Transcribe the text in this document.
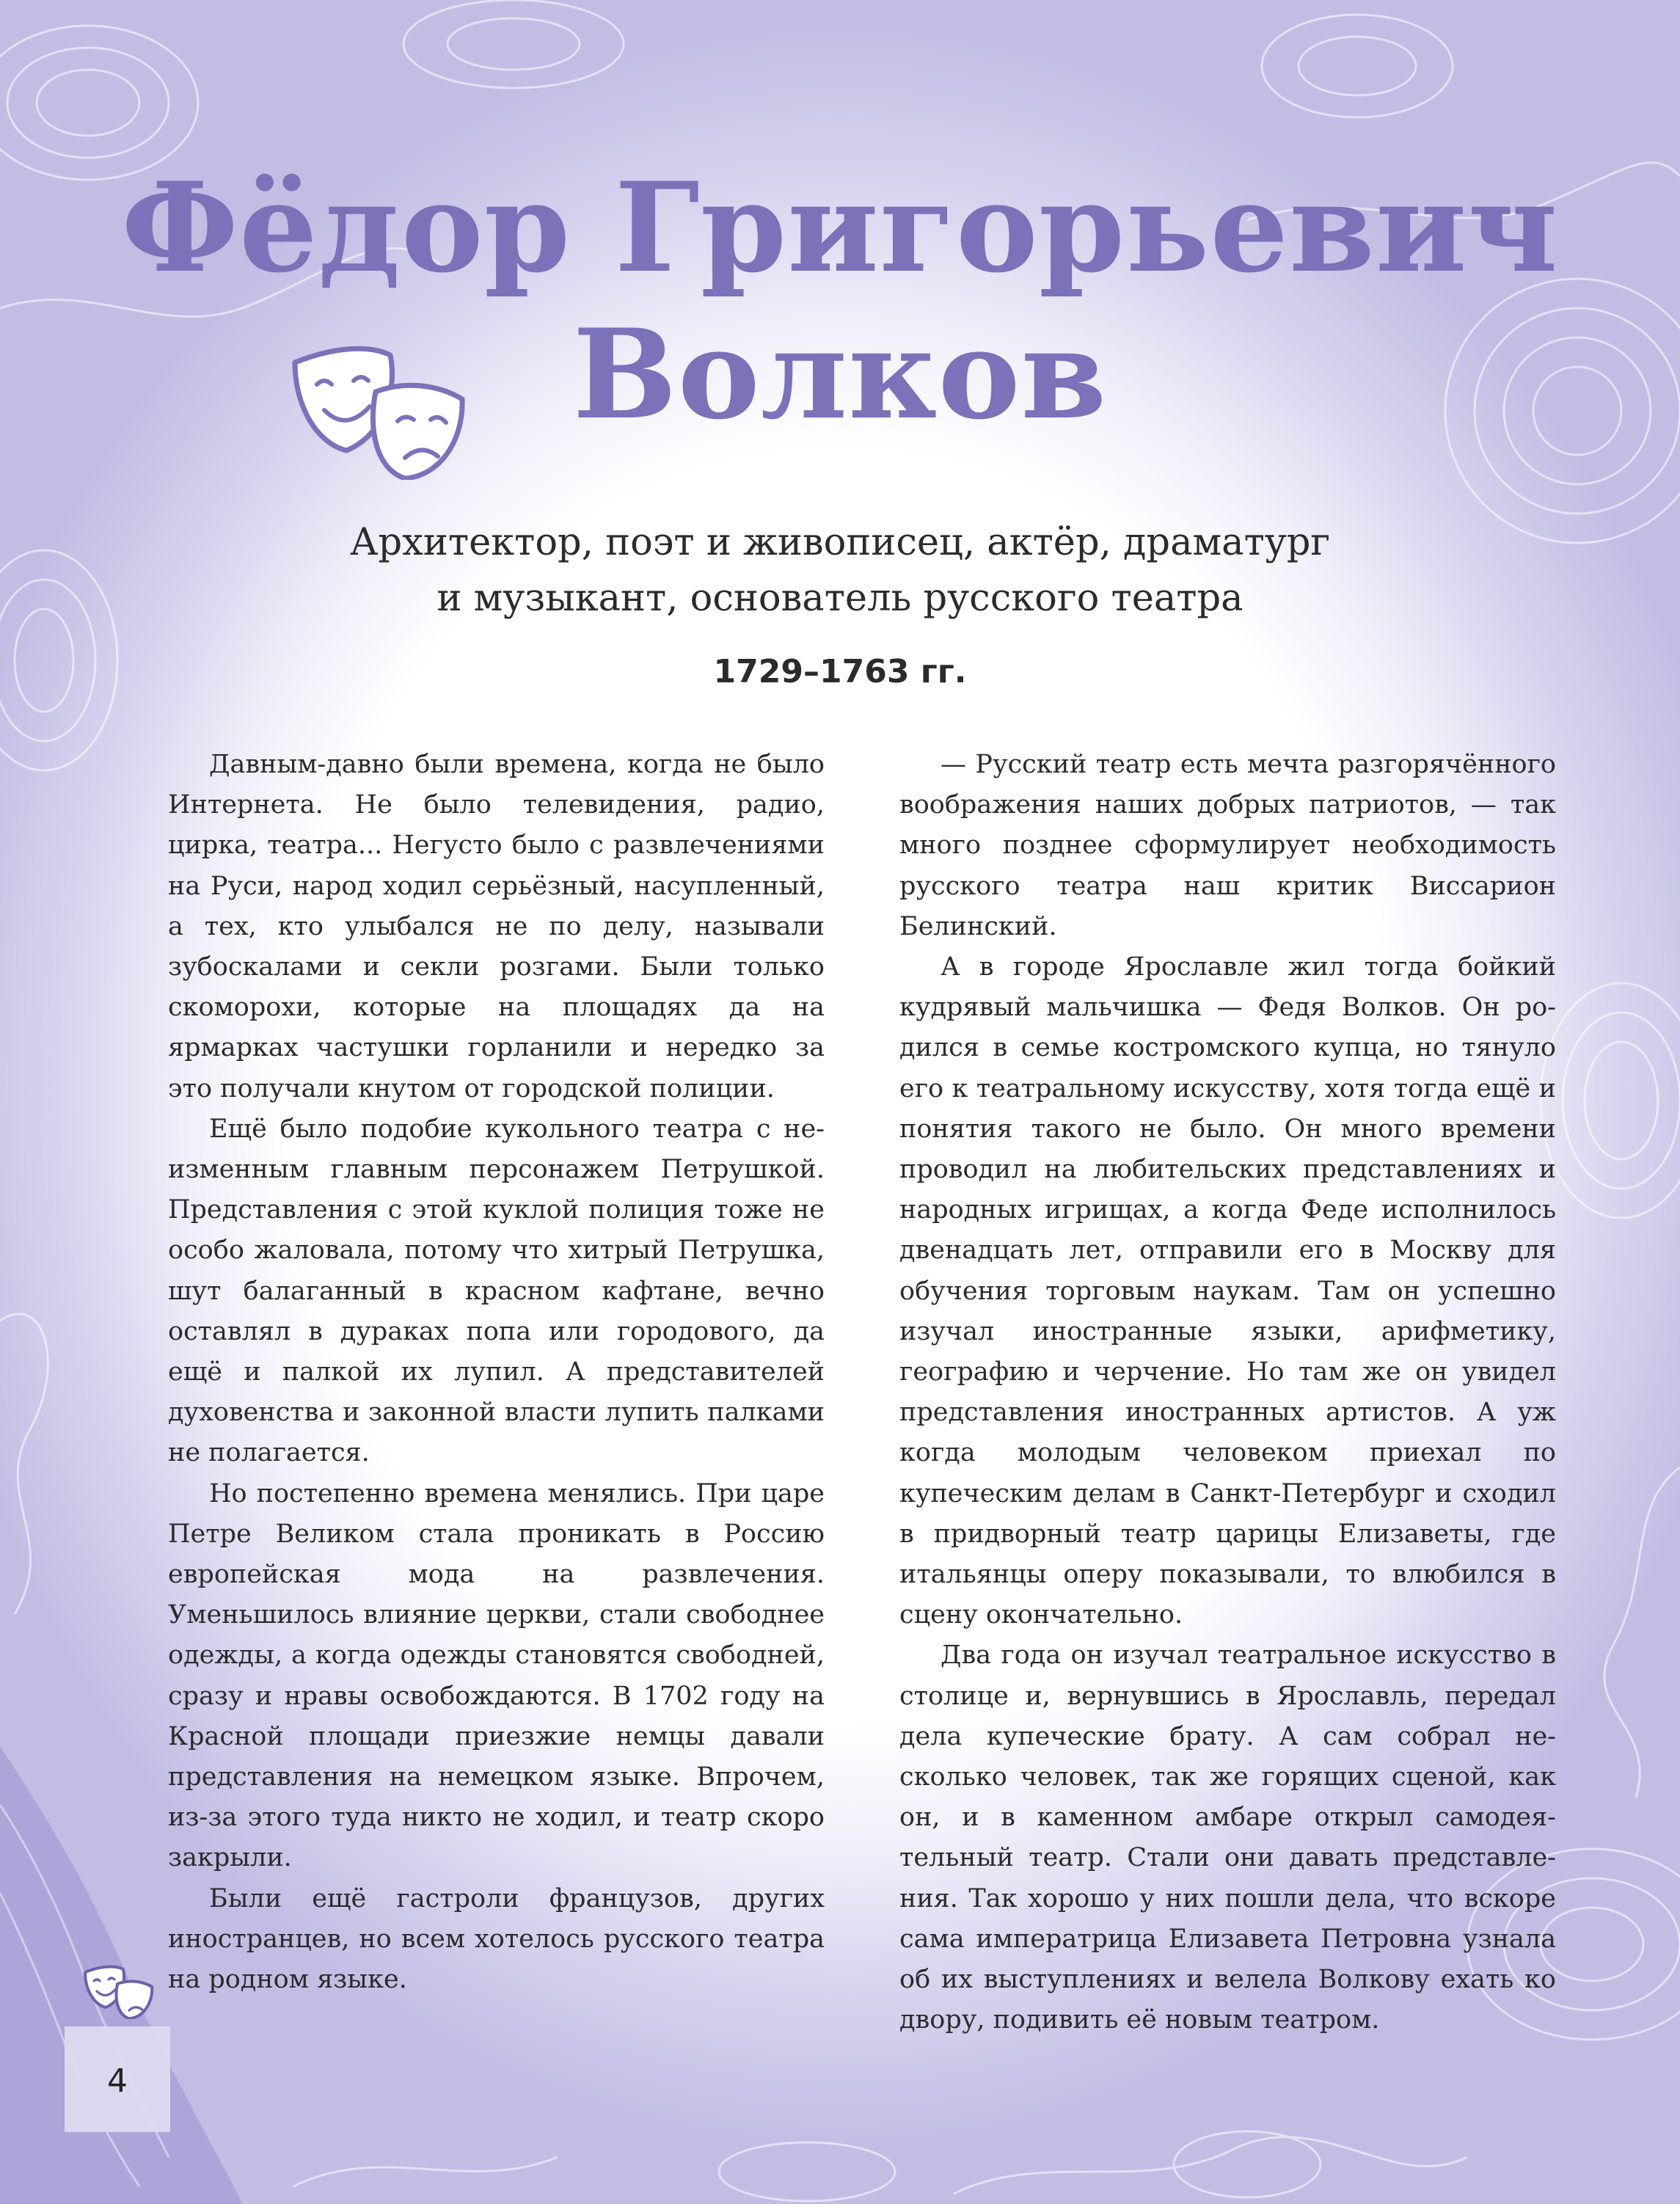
Фёдор Григорьевич
Волков
Архитектор, поэт и живописец, актёр, драматург
и музыкант, основатель русского театра
1729–1763 гг.

Давным-давно были времена, когда не было Интернета. Не было телевидения, радио, цирка, театра... Негусто было с развлечениями на Руси, народ ходил серьёзный, насупленный, а тех, кто улыбался не по делу, называли зубоскалами и секли розгами. Были только скоморохи, которые на площадях да на ярмарках частушки горланили и нередко за это получали кнутом от городской полиции.

Ещё было подобие кукольного театра с неизменным главным персонажем Петрушкой. Представления с этой куклой полиция тоже не особо жаловала, потому что хитрый Петрушка, шут балаганный в красном кафтане, вечно оставлял в дураках попа или городового, да ещё и палкой их лупил. А представителей духовенства и законной власти лупить палками не полагается.

Но постепенно времена менялись. При царе Петре Великом стала проникать в Россию европейская мода на развлечения. Уменьшилось влияние церкви, стали свободнее одежды, а когда одежды становятся свободней, сразу и нравы освобождаются. В 1702 году на Красной площади приезжие немцы давали представления на немецком языке. Впрочем, из-за этого туда никто не ходил, и театр скоро закрыли.

Были ещё гастроли французов, других иностранцев, но всем хотелось русского театра на родном языке.

— Русский театр есть мечта разгорячённого воображения наших добрых патриотов, — так много позднее сформулирует необходимость русского театра наш критик Виссарион Белинский.

А в городе Ярославле жил тогда бойкий кудрявый мальчишка — Федя Волков. Он родился в семье костромского купца, но тянуло его к театральному искусству, хотя тогда ещё и понятия такого не было. Он много времени проводил на любительских представлениях и народных игрищах, а когда Феде исполнилось двенадцать лет, отправили его в Москву для обучения торговым наукам. Там он успешно изучал иностранные языки, арифметику, географию и черчение. Но там же он увидел представления иностранных артистов. А уж когда молодым человеком приехал по купеческим делам в Санкт-Петербург и сходил в придворный театр царицы Елизаветы, где итальянцы оперу показывали, то влюбился в сцену окончательно.

Два года он изучал театральное искусство в столице и, вернувшись в Ярославль, передал дела купеческие брату. А сам собрал несколько человек, так же горящих сценой, как он, и в каменном амбаре открыл самодеятельный театр. Стали они давать представления. Так хорошо у них пошли дела, что вскоре сама императрица Елизавета Петровна узнала об их выступлениях и велела Волкову ехать ко двору, подивить её новым театром.

4
